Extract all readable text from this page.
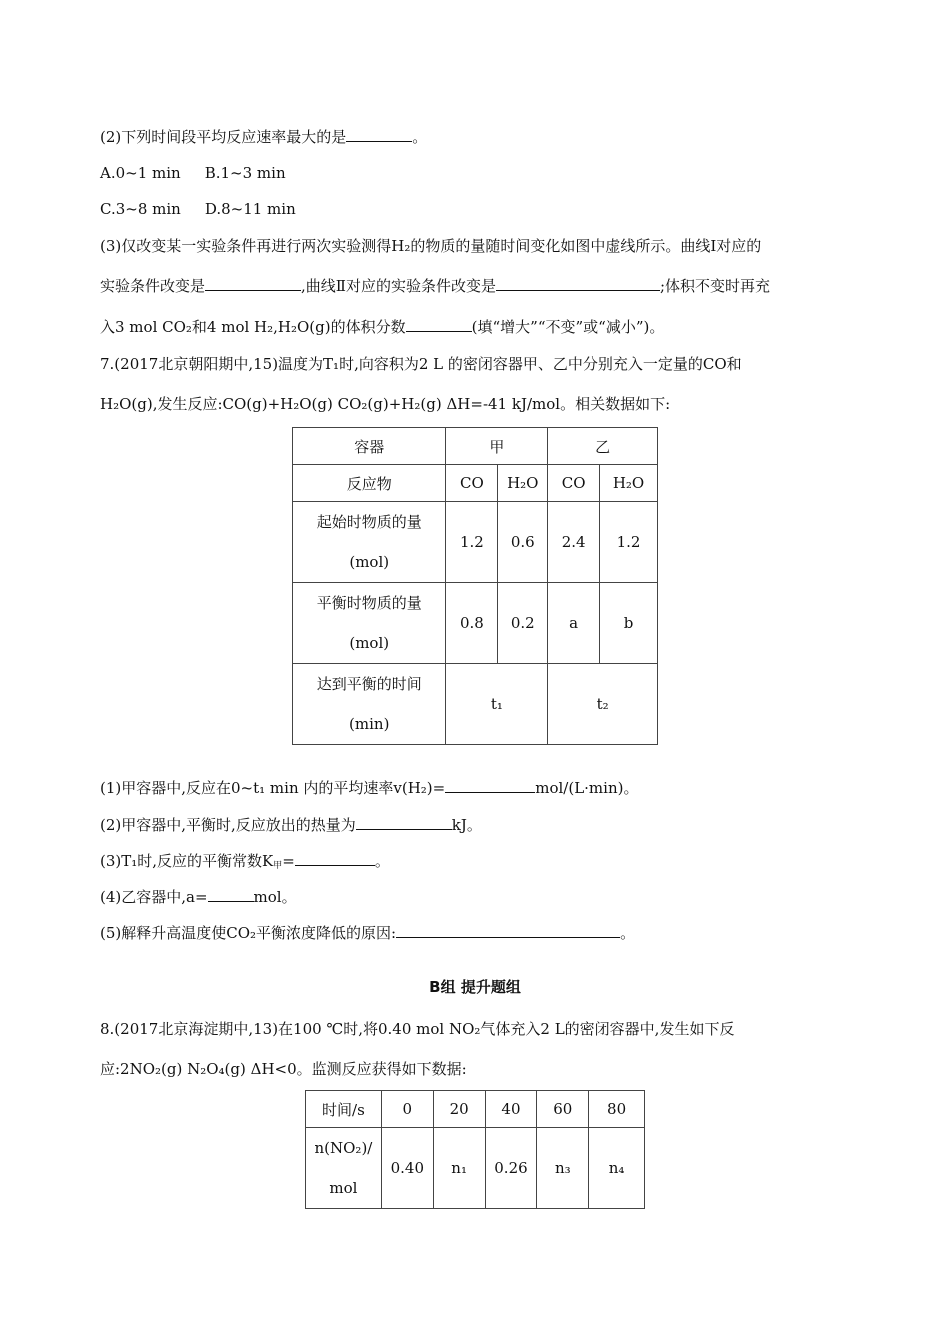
(2)下列时间段平均反应速率最大的是	。
A.0~1 min B.1~3 min
C.3~8 min D.8~11 min
(3)仅改变某一实验条件再进行两次实验测得H₂的物质的量随时间变化如图中虚线所示。曲线Ⅰ对应的
实验条件改变是	,曲线Ⅱ对应的实验条件改变是	;体积不变时再充
入3 mol CO₂和4 mol H₂,H₂O(g)的体积分数	(填“增大”“不变”或“减小”)。
7.(2017北京朝阳期中,15)温度为T₁时,向容积为2 L 的密闭容器甲、乙中分别充入一定量的CO和
H₂O(g),发生反应:CO(g)+H₂O(g) CO₂(g)+H₂(g) ΔH=-41 kJ/mol。相关数据如下:
容器	甲		乙	
反应物	CO	H₂O	CO	H₂O

起始时物质的量
(mol)	1.2	0.6	2.4	1.2

平衡时物质的量
(mol)	0.8	0.2	a	b

达到平衡的时间
(min)	t₁		t₂	
(1)甲容器中,反应在0~t₁ min 内的平均速率v(H₂)=	mol/(L·min)。
(2)甲容器中,平衡时,反应放出的热量为	kJ。
(3)T₁时,反应的平衡常数$K_甲=$	。
(4)乙容器中,a=	mol。
(5)解释升高温度使CO₂平衡浓度降低的原因:	。
B组 提升题组
8.(2017北京海淀期中,13)在100 ℃时,将0.40 mol NO₂气体充入2 L的密闭容器中,发生如下反
应:2NO₂(g) N₂O₄(g) ΔH<0。监测反应获得如下数据:
时间/s	0	20	40	60	80

n(NO₂)/
mol	0.40	n₁	0.26	n₃	n₄
